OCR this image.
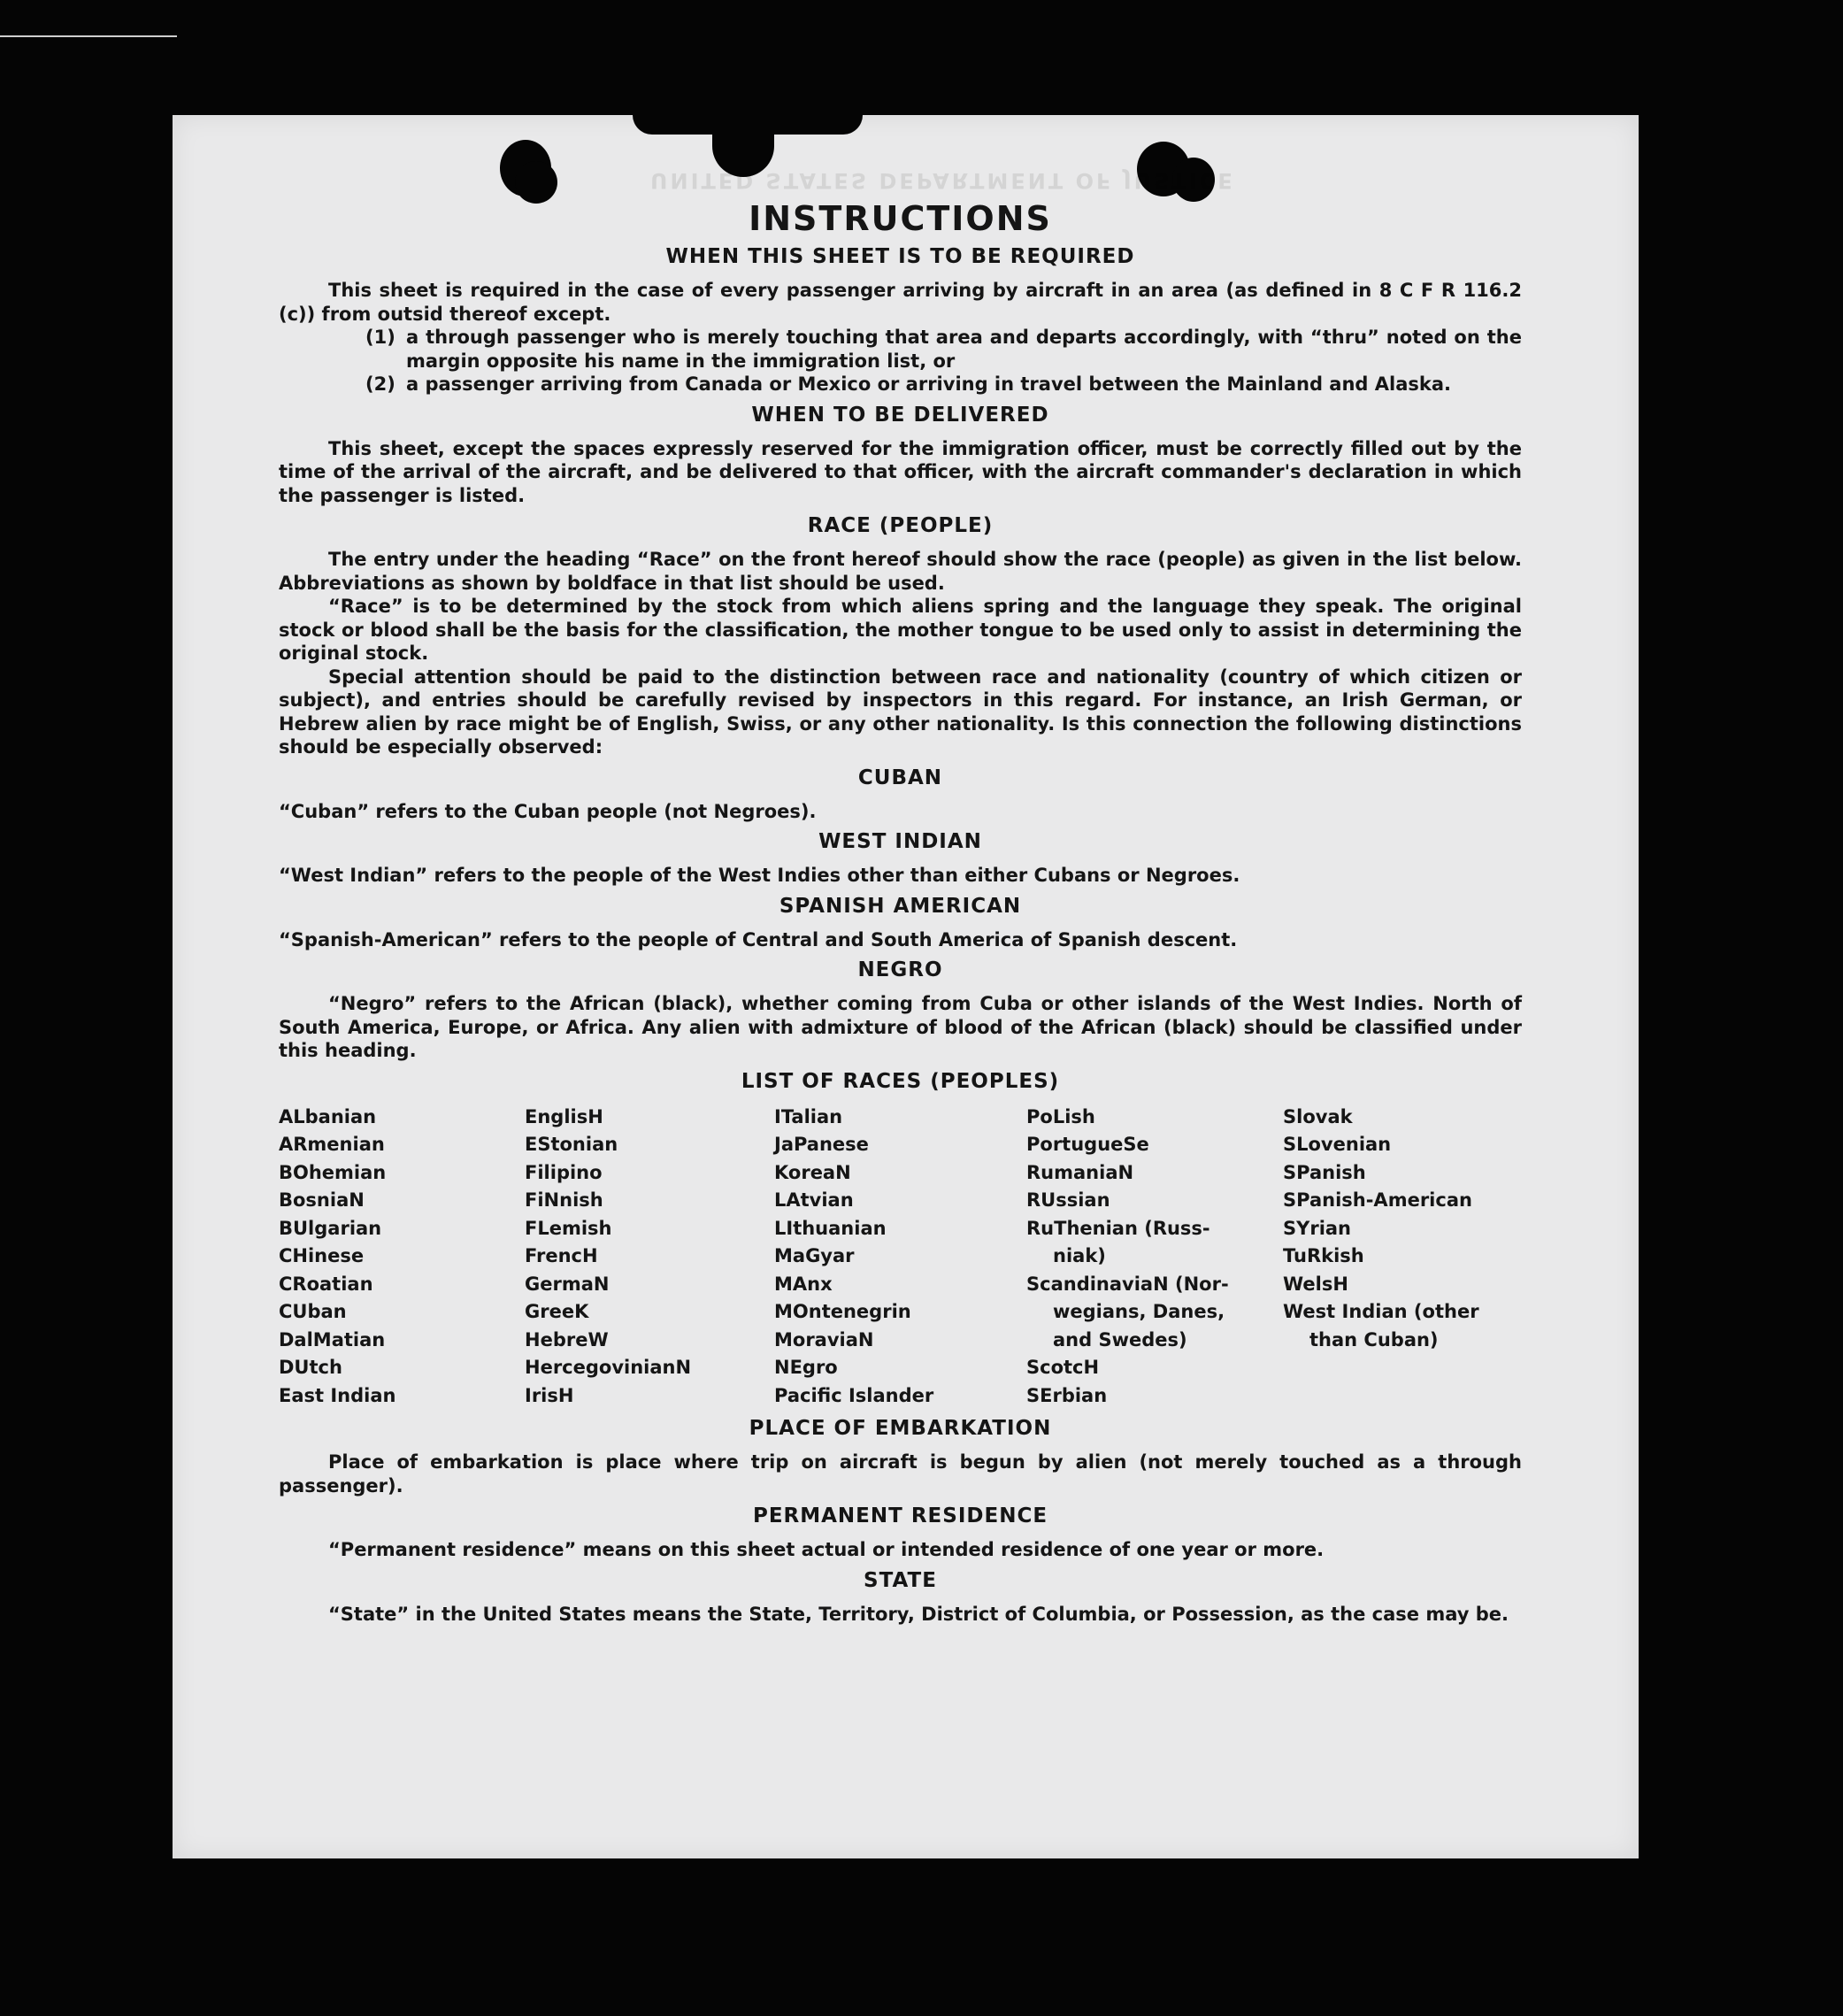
UNITED STATES DEPARTMENT OF JUSTICE
INSTRUCTIONS
WHEN THIS SHEET IS TO BE REQUIRED

This sheet is required in the case of every passenger arriving by aircraft in an area (as defined in 8 C F R 116.2 (c)) from outsid thereof except.

(1) a through passenger who is merely touching that area and departs accordingly, with “thru” noted on the margin opposite his name in the immigration list, or
(2) a passenger arriving from Canada or Mexico or arriving in travel between the Mainland and Alaska.
WHEN TO BE DELIVERED

This sheet, except the spaces expressly reserved for the immigration officer, must be correctly filled out by the time of the arrival of the aircraft, and be delivered to that officer, with the aircraft commander's declaration in which the passenger is listed.

RACE (PEOPLE)

The entry under the heading “Race” on the front hereof should show the race (people) as given in the list below. Abbreviations as shown by boldface in that list should be used.

“Race” is to be determined by the stock from which aliens spring and the language they speak. The original stock or blood shall be the basis for the classification, the mother tongue to be used only to assist in determining the original stock.

Special attention should be paid to the distinction between race and nationality (country of which citizen or subject), and entries should be carefully revised by inspectors in this regard. For instance, an Irish German, or Hebrew alien by race might be of English, Swiss, or any other nationality. Is this connection the following distinctions should be especially observed:

CUBAN

“Cuban” refers to the Cuban people (not Negroes).

WEST INDIAN

“West Indian” refers to the people of the West Indies other than either Cubans or Negroes.

SPANISH AMERICAN

“Spanish-American” refers to the people of Central and South America of Spanish descent.

NEGRO

“Negro” refers to the African (black), whether coming from Cuba or other islands of the West Indies. North of South America, Europe, or Africa. Any alien with admixture of blood of the African (black) should be classified under this heading.

LIST OF RACES (PEOPLES)
ALbanian
ARmenian
BOhemian
BosniaN
BUlgarian
CHinese
CRoatian
CUban
DalMatian
DUtch
East Indian
EnglisH
EStonian
Filipino
FiNnish
FLemish
FrencH
GermaN
GreeK
HebreW
HercegovinianN
IrisH
ITalian
JaPanese
KoreaN
LAtvian
LIthuanian
MaGyar
MAnx
MOntenegrin
MoraviaN
NEgro
Pacific Islander
PoLish
PortugueSe
RumaniaN
RUssian
RuThenian (Russ-
niak)
ScandinaviaN (Nor-
wegians, Danes,
and Swedes)
ScotcH
SErbian
Slovak
SLovenian
SPanish
SPanish-American
SYrian
TuRkish
WelsH
West Indian (other
than Cuban)
PLACE OF EMBARKATION

Place of embarkation is place where trip on aircraft is begun by alien (not merely touched as a through passenger).

PERMANENT RESIDENCE

“Permanent residence” means on this sheet actual or intended residence of one year or more.

STATE

“State” in the United States means the State, Territory, District of Columbia, or Possession, as the case may be.
